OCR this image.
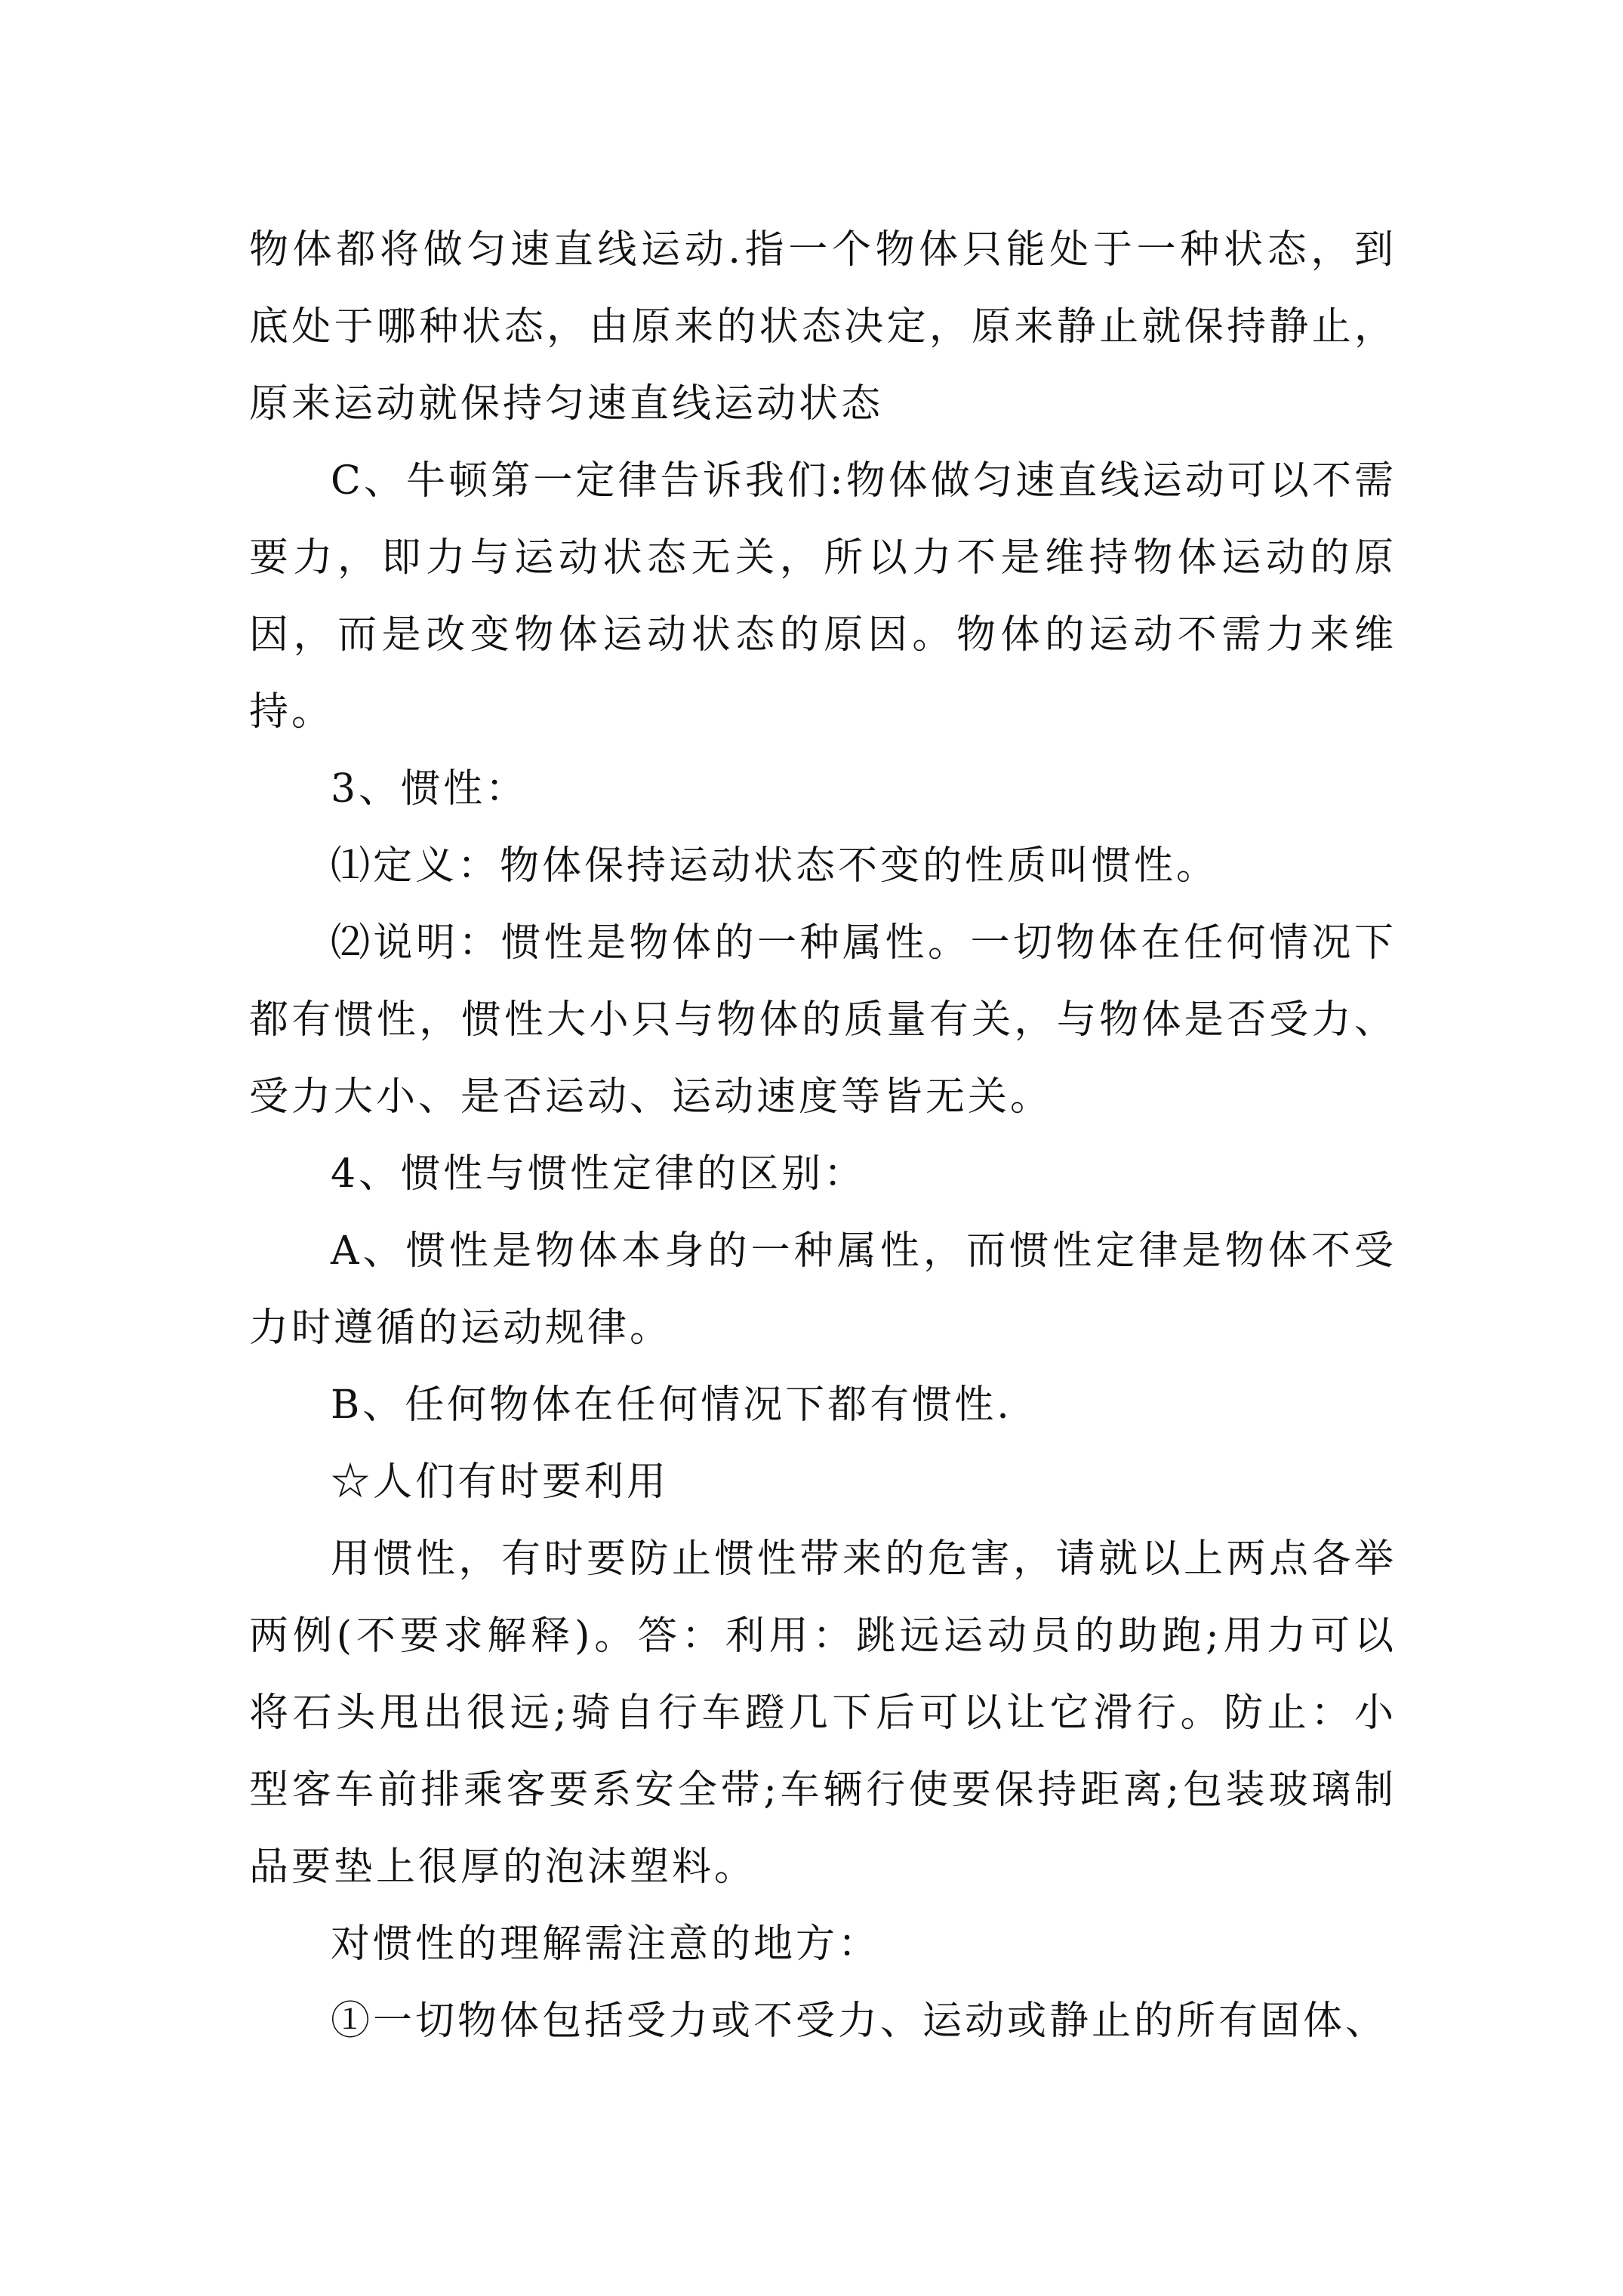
物体都将做匀速直线运动.指一个物体只能处于一种状态，到底处于哪种状态，由原来的状态决定，原来静止就保持静止，原来运动就保持匀速直线运动状态

C、牛顿第一定律告诉我们:物体做匀速直线运动可以不需要力，即力与运动状态无关，所以力不是维持物体运动的原因，而是改变物体运动状态的原因。物体的运动不需力来维持。

3、惯性：

⑴定义：物体保持运动状态不变的性质叫惯性。

⑵说明：惯性是物体的一种属性。一切物体在任何情况下都有惯性，惯性大小只与物体的质量有关，与物体是否受力、受力大小、是否运动、运动速度等皆无关。

4、惯性与惯性定律的区别：

A、惯性是物体本身的一种属性，而惯性定律是物体不受力时遵循的运动规律。

B、任何物体在任何情况下都有惯性.

☆人们有时要利用

用惯性，有时要防止惯性带来的危害，请就以上两点各举两例(不要求解释)。答：利用：跳远运动员的助跑;用力可以将石头甩出很远;骑自行车蹬几下后可以让它滑行。防止：小型客车前排乘客要系安全带;车辆行使要保持距离;包装玻璃制品要垫上很厚的泡沫塑料。

对惯性的理解需注意的地方：

①一切物体包括受力或不受力、运动或静止的所有固体、
